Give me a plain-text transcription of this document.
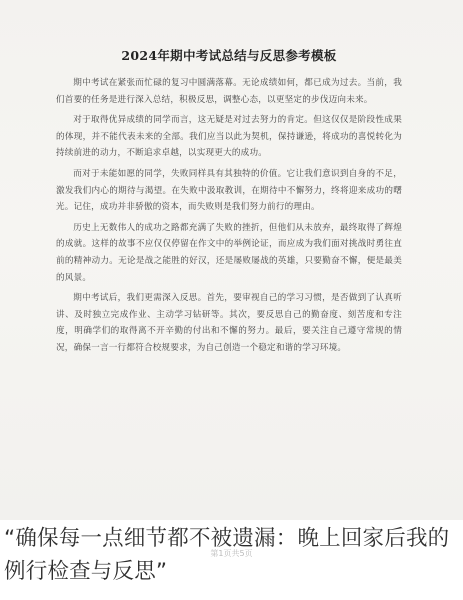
2024年期中考试总结与反思参考模板

期中考试在紧张而忙碌的复习中圆满落幕。无论成绩如何，都已成为过去。当前，我们首要的任务是进行深入总结，积极反思，调整心态，以更坚定的步伐迈向未来。

对于取得优异成绩的同学而言，这无疑是对过去努力的肯定。但这仅仅是阶段性成果的体现，并不能代表未来的全部。我们应当以此为契机，保持谦逊，将成功的喜悦转化为持续前进的动力，不断追求卓越，以实现更大的成功。

而对于未能如愿的同学，失败同样具有其独特的价值。它让我们意识到自身的不足，激发我们内心的期待与渴望。在失败中汲取教训，在期待中不懈努力，终将迎来成功的曙光。记住，成功并非骄傲的资本，而失败则是我们努力前行的理由。

历史上无数伟人的成功之路都充满了失败的挫折，但他们从未放弃，最终取得了辉煌的成就。这样的故事不应仅仅停留在作文中的举例论证，而应成为我们面对挑战时勇往直前的精神动力。无论是战之能胜的好汉，还是屡败屡战的英雄，只要勤奋不懈，便是最美的风景。

期中考试后，我们更需深入反思。首先，要审视自己的学习习惯，是否做到了认真听讲、及时独立完成作业、主动学习钻研等。其次，要反思自己的勤奋度、刻苦度和专注度，明确学们的取得离不开辛勤的付出和不懈的努力。最后，要关注自己遵守常规的情况，确保一言一行都符合校规要求，为自己创造一个稳定和谐的学习环境。

第1页共5页
“确保每一点细节都不被遗漏：晚上回家后我的例行检查与反思”
